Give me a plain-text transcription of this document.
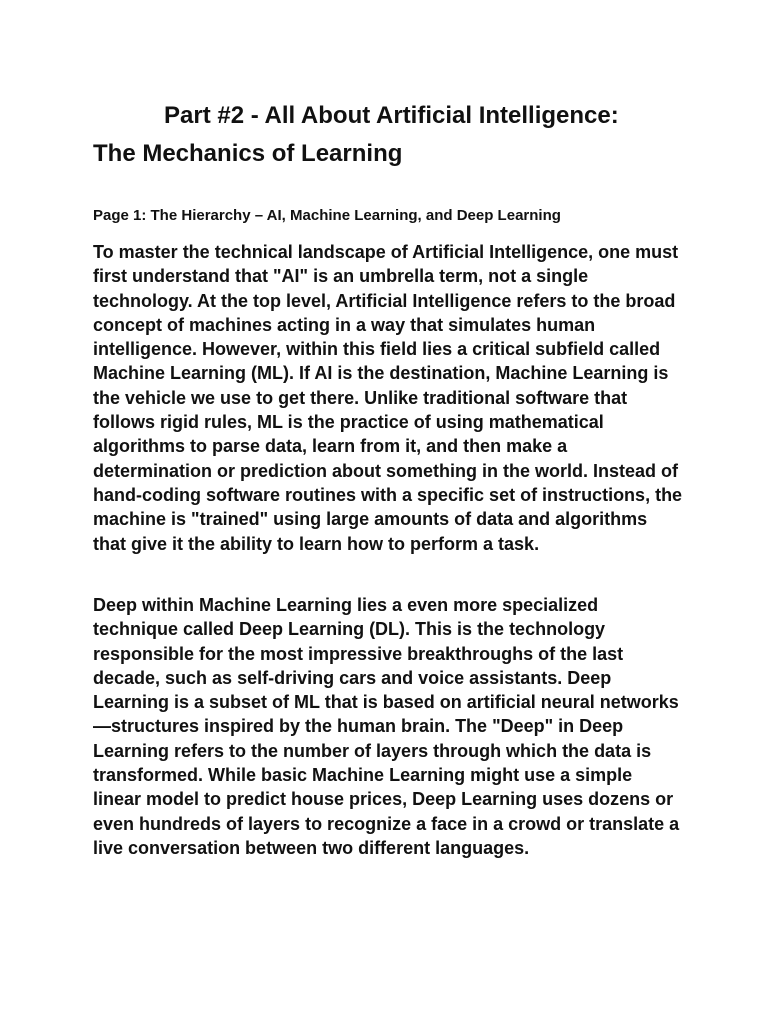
Part #2 - All About Artificial Intelligence:
The Mechanics of Learning
Page 1: The Hierarchy – AI, Machine Learning, and Deep Learning

To master the technical landscape of Artificial Intelligence, one must first understand that "AI" is an umbrella term, not a single technology. At the top level, Artificial Intelligence refers to the broad concept of machines acting in a way that simulates human intelligence. However, within this field lies a critical subfield called Machine Learning (ML). If AI is the destination, Machine Learning is the vehicle we use to get there. Unlike traditional software that follows rigid rules, ML is the practice of using mathematical algorithms to parse data, learn from it, and then make a determination or prediction about something in the world. Instead of hand-coding software routines with a specific set of instructions, the machine is "trained" using large amounts of data and algorithms that give it the ability to learn how to perform a task.

Deep within Machine Learning lies a even more specialized technique called Deep Learning (DL). This is the technology responsible for the most impressive breakthroughs of the last decade, such as self-driving cars and voice assistants. Deep Learning is a subset of ML that is based on artificial neural networks—structures inspired by the human brain. The "Deep" in Deep Learning refers to the number of layers through which the data is transformed. While basic Machine Learning might use a simple linear model to predict house prices, Deep Learning uses dozens or even hundreds of layers to recognize a face in a crowd or translate a live conversation between two different languages.
